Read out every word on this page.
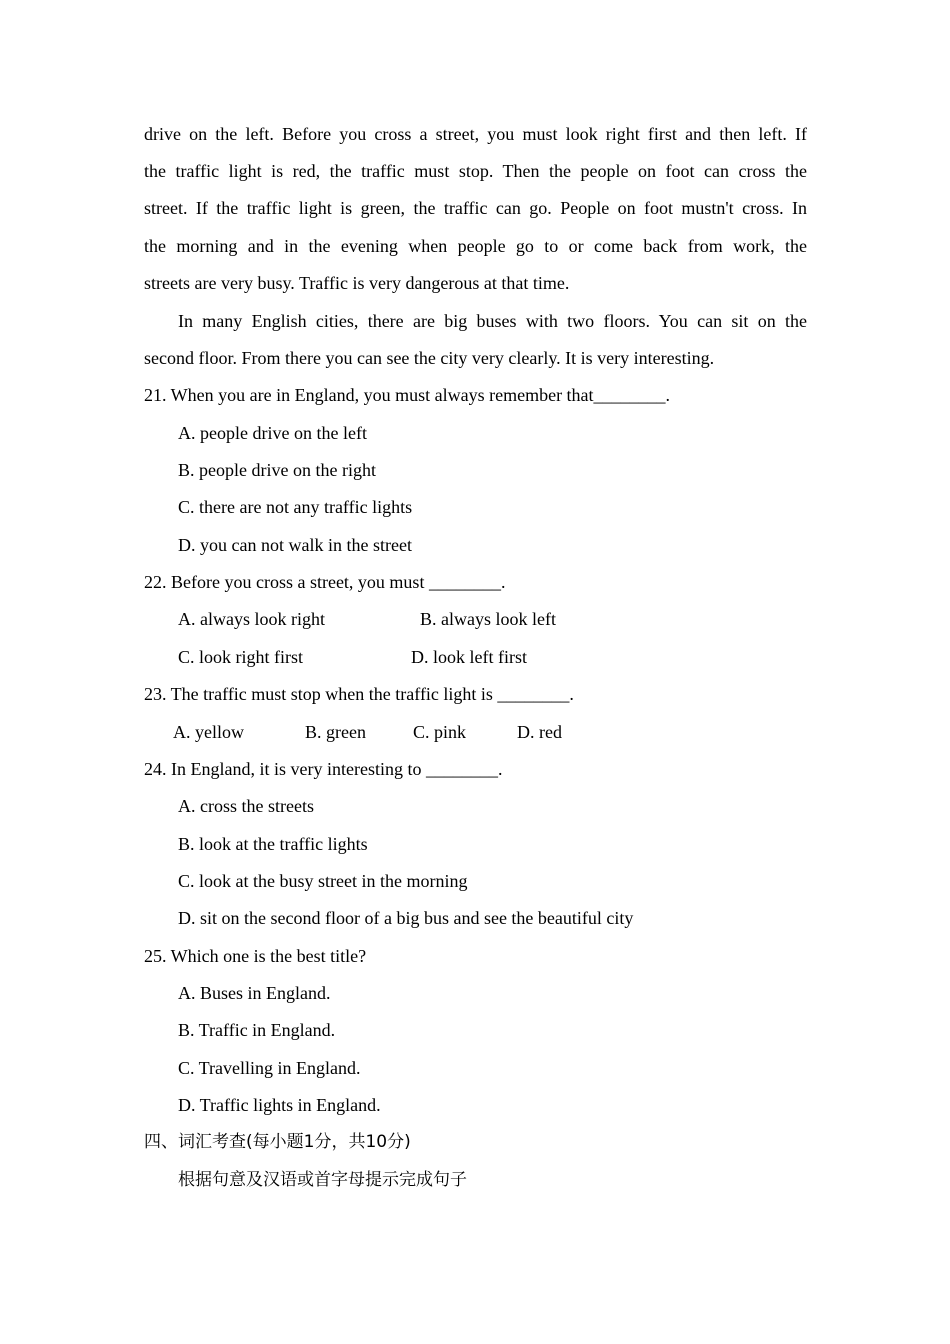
drive on the left. Before you cross a street, you must look right first and then left. If
the traffic light is red, the traffic must stop. Then the people on foot can cross the
street. If the traffic light is green, the traffic can go. People on foot mustn't cross. In
the morning and in the evening when people go to or come back from work, the
streets are very busy. Traffic is very dangerous at that time.
In many English cities, there are big buses with two floors. You can sit on the
second floor. From there you can see the city very clearly. It is very interesting.
21. When you are in England, you must always remember that________.
A. people drive on the left
B. people drive on the right
C. there are not any traffic lights
D. you can not walk in the street
22. Before you cross a street, you must ________.
A. always look right	B. always look left
C. look right first	D. look left first
23. The traffic must stop when the traffic light is ________.
A. yellow	B. green	C. pink	D. red
24. In England, it is very interesting to ________.
A. cross the streets
B. look at the traffic lights
C. look at the busy street in the morning
D. sit on the second floor of a big bus and see the beautiful city
25. Which one is the best title?
A. Buses in England.
B. Traffic in England.
C. Travelling in England.
D. Traffic lights in England.
四、词汇考查(每小题1分，共10分)
根据句意及汉语或首字母提示完成句子
